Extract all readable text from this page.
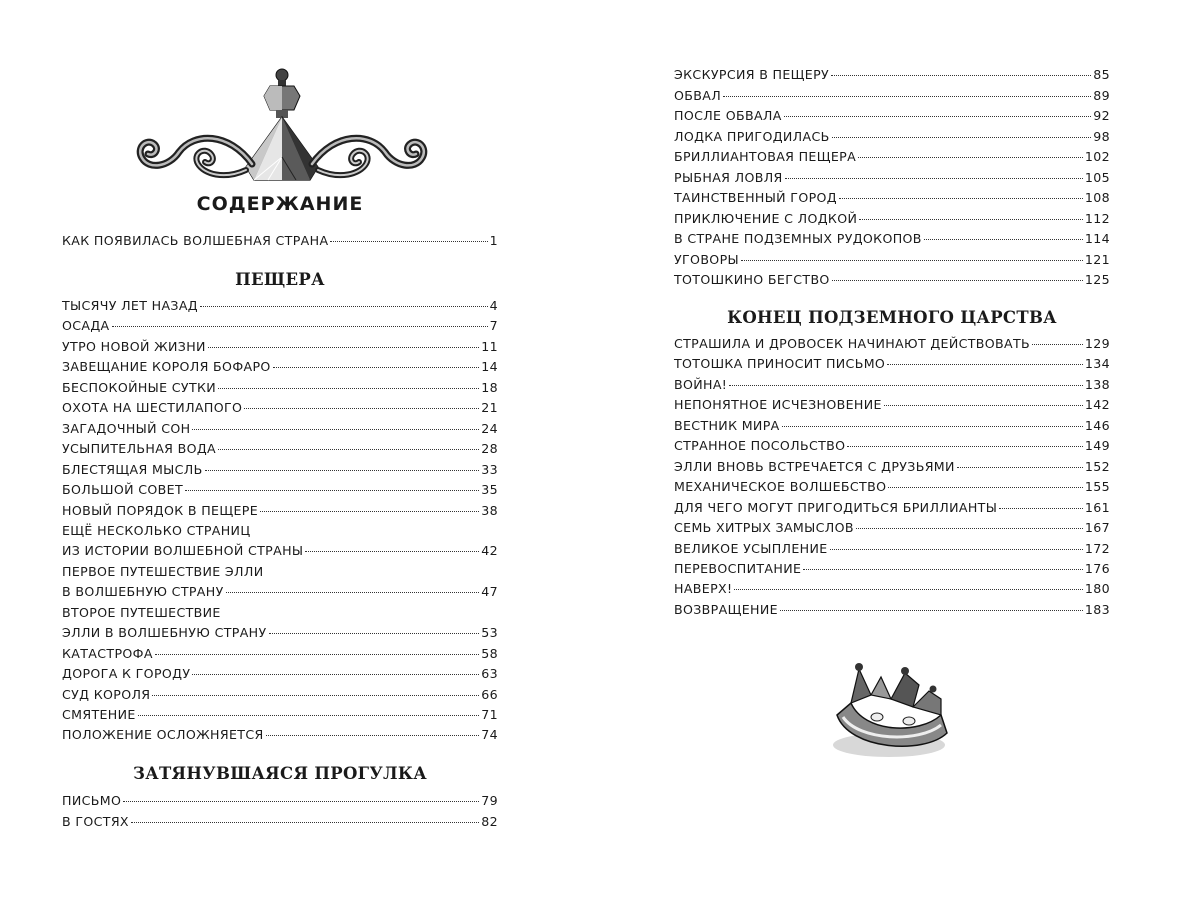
СОДЕРЖАНИЕ
КАК ПОЯВИЛАСЬ ВОЛШЕБНАЯ СТРАНА	1
ПЕЩЕРА
ТЫСЯЧУ ЛЕТ НАЗАД	4
ОСАДА	7
УТРО НОВОЙ ЖИЗНИ	11
ЗАВЕЩАНИЕ КОРОЛЯ БОФАРО	14
БЕСПОКОЙНЫЕ СУТКИ	18
ОХОТА НА ШЕСТИЛАПОГО	21
ЗАГАДОЧНЫЙ СОН	24
УСЫПИТЕЛЬНАЯ ВОДА	28
БЛЕСТЯЩАЯ МЫСЛЬ	33
БОЛЬШОЙ СОВЕТ	35
НОВЫЙ ПОРЯДОК В ПЕЩЕРЕ	38
ЕЩЁ НЕСКОЛЬКО СТРАНИЦ
ИЗ ИСТОРИИ ВОЛШЕБНОЙ СТРАНЫ	42
ПЕРВОЕ ПУТЕШЕСТВИЕ ЭЛЛИ
В ВОЛШЕБНУЮ СТРАНУ	47
ВТОРОЕ ПУТЕШЕСТВИЕ
ЭЛЛИ В ВОЛШЕБНУЮ СТРАНУ	53
КАТАСТРОФА	58
ДОРОГА К ГОРОДУ	63
СУД КОРОЛЯ	66
СМЯТЕНИЕ	71
ПОЛОЖЕНИЕ ОСЛОЖНЯЕТСЯ	74
ЗАТЯНУВШАЯСЯ ПРОГУЛКА
ПИСЬМО	79
В ГОСТЯХ	82
ЭКСКУРСИЯ В ПЕЩЕРУ	85
ОБВАЛ	89
ПОСЛЕ ОБВАЛА	92
ЛОДКА ПРИГОДИЛАСЬ	98
БРИЛЛИАНТОВАЯ ПЕЩЕРА	102
РЫБНАЯ ЛОВЛЯ	105
ТАИНСТВЕННЫЙ ГОРОД	108
ПРИКЛЮЧЕНИЕ С ЛОДКОЙ	112
В СТРАНЕ ПОДЗЕМНЫХ РУДОКОПОВ	114
УГОВОРЫ	121
ТОТОШКИНО БЕГСТВО	125
КОНЕЦ ПОДЗЕМНОГО ЦАРСТВА
СТРАШИЛА И ДРОВОСЕК НАЧИНАЮТ ДЕЙСТВОВАТЬ	129
ТОТОШКА ПРИНОСИТ ПИСЬМО	134
ВОЙНА!	138
НЕПОНЯТНОЕ ИСЧЕЗНОВЕНИЕ	142
ВЕСТНИК МИРА	146
СТРАННОЕ ПОСОЛЬСТВО	149
ЭЛЛИ ВНОВЬ ВСТРЕЧАЕТСЯ С ДРУЗЬЯМИ	152
МЕХАНИЧЕСКОЕ ВОЛШЕБСТВО	155
ДЛЯ ЧЕГО МОГУТ ПРИГОДИТЬСЯ БРИЛЛИАНТЫ	161
СЕМЬ ХИТРЫХ ЗАМЫСЛОВ	167
ВЕЛИКОЕ УСЫПЛЕНИЕ	172
ПЕРЕВОСПИТАНИЕ	176
НАВЕРХ!	180
ВОЗВРАЩЕНИЕ	183
